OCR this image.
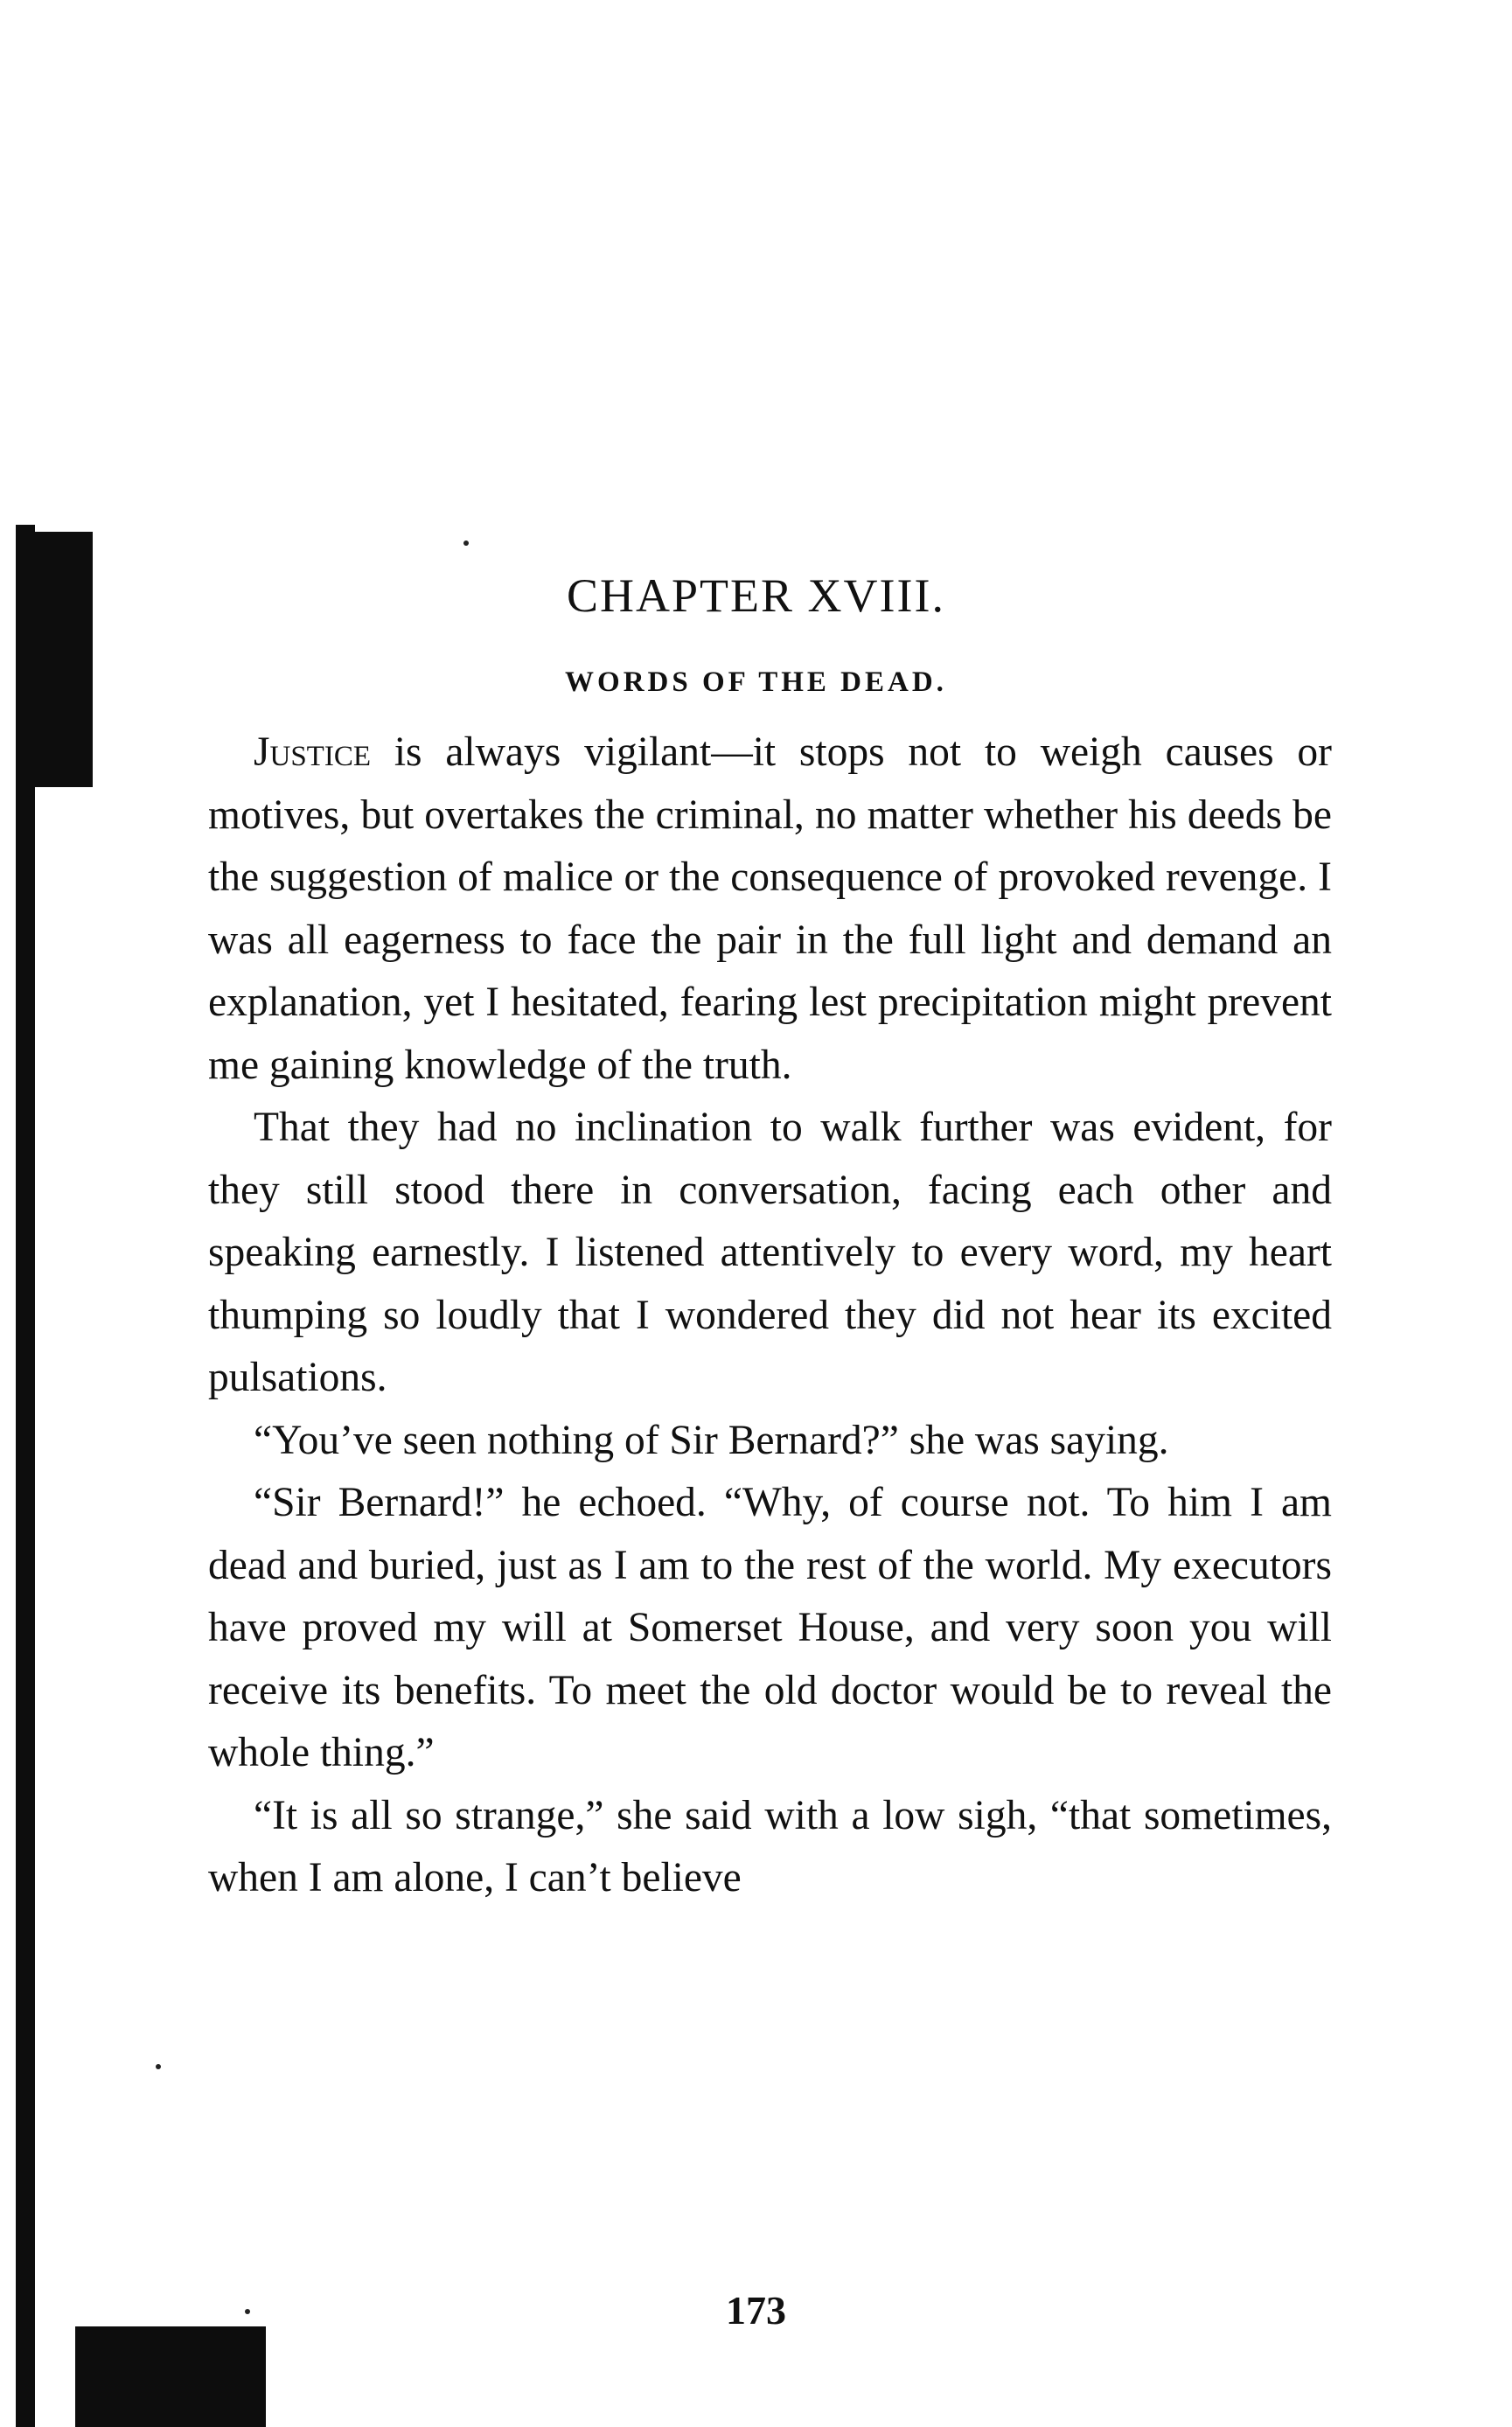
CHAPTER XVIII.
WORDS OF THE DEAD.

Justice is always vigilant—it stops not to weigh causes or motives, but overtakes the criminal, no matter whether his deeds be the suggestion of malice or the consequence of provoked revenge. I was all eagerness to face the pair in the full light and demand an explanation, yet I hesitated, fearing lest precipitation might prevent me gaining knowledge of the truth.

That they had no inclination to walk further was evident, for they still stood there in conversation, facing each other and speaking earnestly. I listened attentively to every word, my heart thumping so loudly that I wondered they did not hear its excited pulsations.

“You’ve seen nothing of Sir Bernard?” she was saying.

“Sir Bernard!” he echoed. “Why, of course not. To him I am dead and buried, just as I am to the rest of the world. My executors have proved my will at Somerset House, and very soon you will receive its benefits. To meet the old doctor would be to reveal the whole thing.”

“It is all so strange,” she said with a low sigh, “that sometimes, when I am alone, I can’t believe

173
